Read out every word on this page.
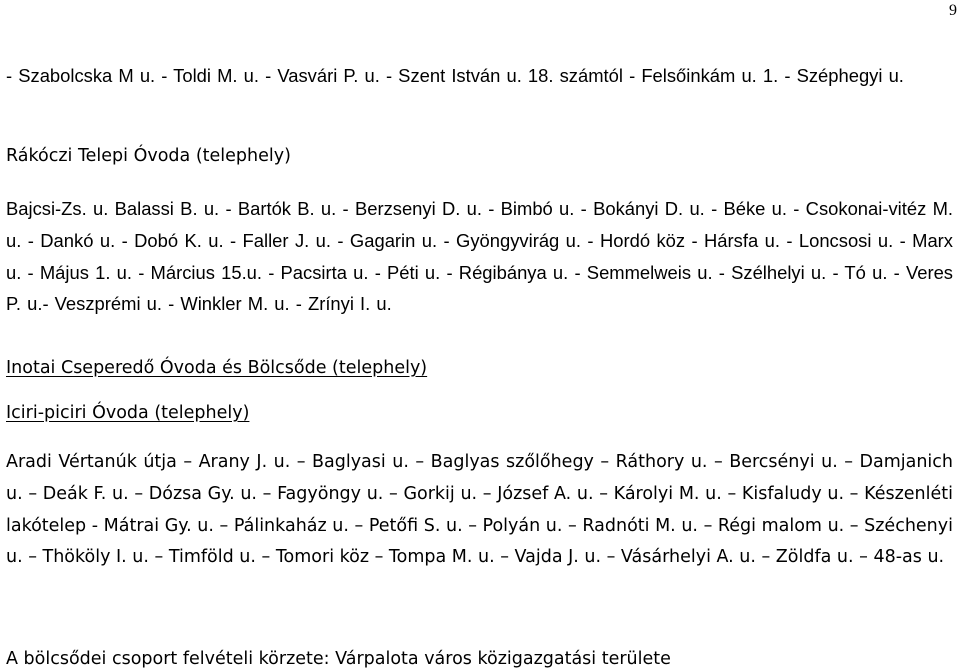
9
- Szabolcska M u. - Toldi M. u. - Vasvári P. u. - Szent István u. 18. számtól - Felsőinkám u. 1. - Széphegyi u.
Rákóczi Telepi Óvoda (telephely)
Bajcsi-Zs. u. Balassi B. u. - Bartók B. u. - Berzsenyi D. u. - Bimbó u. - Bokányi D. u. - Béke u. - Csokonai-vitéz M. u. - Dankó u. - Dobó K. u. - Faller J. u. - Gagarin u. - Gyöngyvirág u. - Hordó köz - Hársfa u. - Loncsosi u. - Marx u. - Május 1. u. - Március 15.u. - Pacsirta u. - Péti u. - Régibánya u. - Semmelweis u. - Szélhelyi u. - Tó u. - Veres P. u.- Veszprémi u. - Winkler M. u. - Zrínyi I. u.
Inotai Cseperedő Óvoda és Bölcsőde (telephely)
Iciri-piciri Óvoda (telephely)
Aradi Vértanúk útja – Arany J. u. – Baglyasi u. – Baglyas szőlőhegy – Ráthory u. – Bercsényi u. – Damjanich u. – Deák F. u. – Dózsa Gy. u. – Fagyöngy u. – Gorkij u. – József A. u. – Károlyi M. u. – Kisfaludy u. – Készenléti lakótelep - Mátrai Gy. u. – Pálinkaház u. – Petőfi S. u. – Polyán u. – Radnóti M. u. – Régi malom u. – Széchenyi u. – Thököly I. u. – Timföld u. – Tomori köz – Tompa M. u. – Vajda J. u. – Vásárhelyi A. u. – Zöldfa u. – 48-as u.
A bölcsődei csoport felvételi körzete: Várpalota város közigazgatási területe
